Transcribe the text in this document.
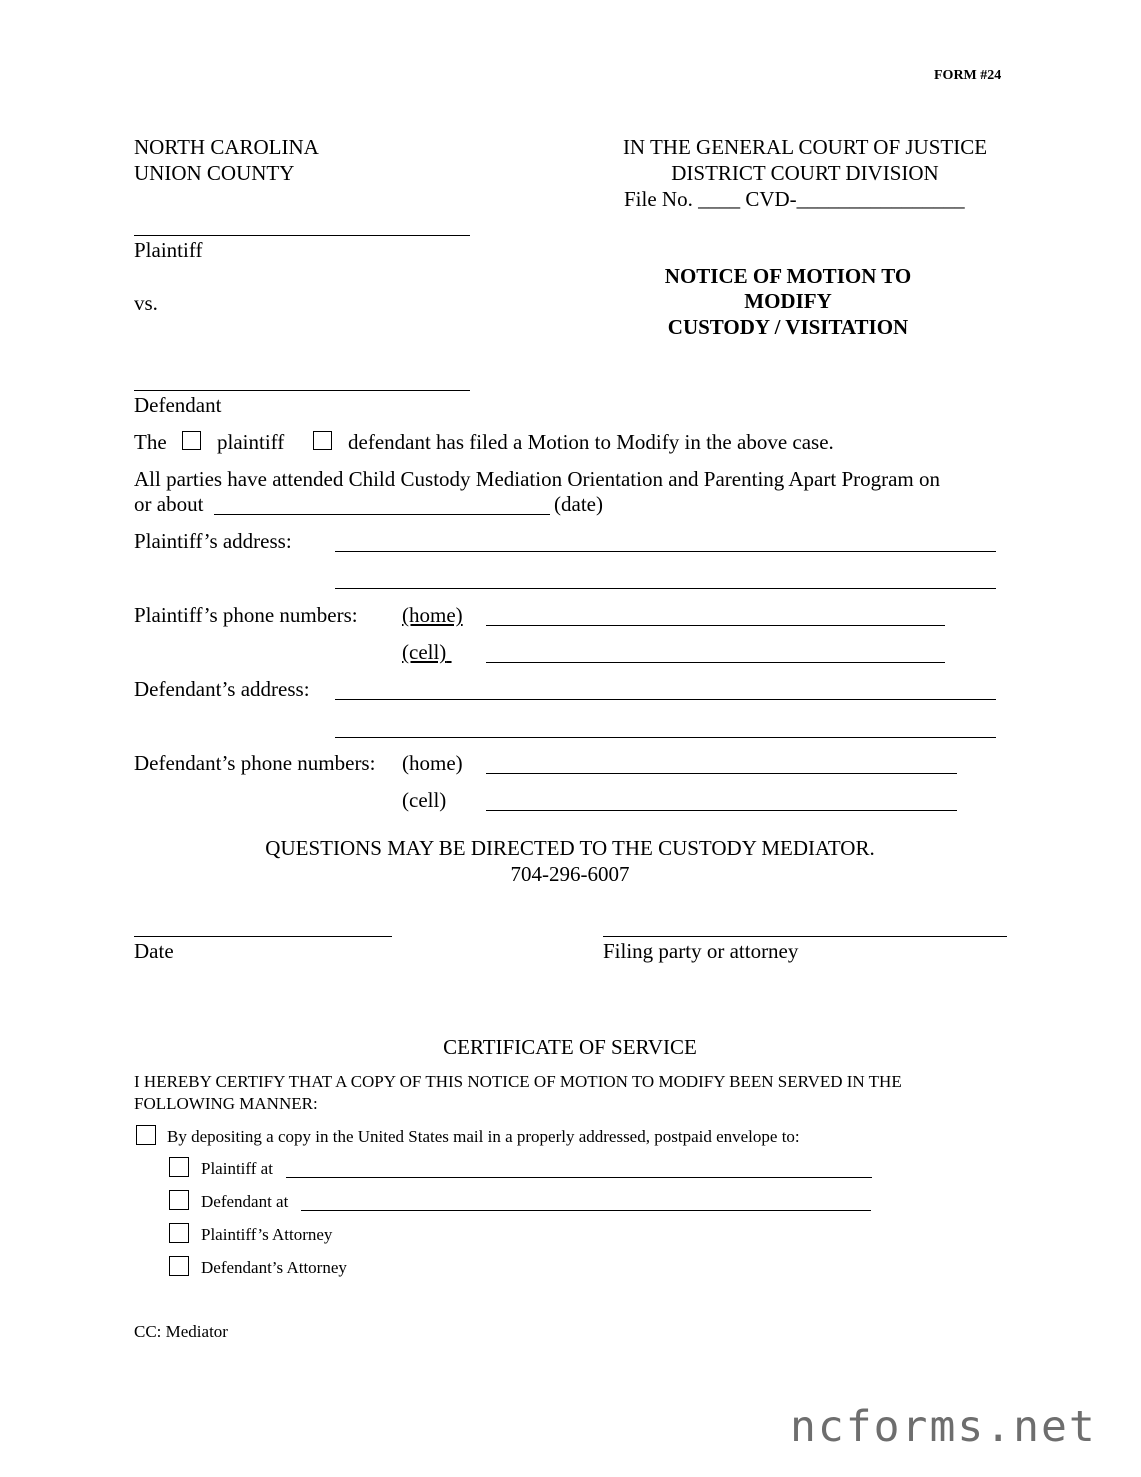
FORM #24
NORTH CAROLINA
UNION COUNTY
IN THE GENERAL COURT OF JUSTICE
DISTRICT COURT DIVISION
File No. ____ CVD-________________
Plaintiff
vs.
Defendant
NOTICE OF MOTION TO
MODIFY
CUSTODY / VISITATION
The plaintiff	defendant has filed a Motion to Modify in the above case.
All parties have attended Child Custody Mediation Orientation and Parenting Apart Program on
or about	(date)
Plaintiff’s address:
Plaintiff’s phone numbers: (home)
(cell)
Defendant’s address:
Defendant’s phone numbers: (home)
(cell)
QUESTIONS MAY BE DIRECTED TO THE CUSTODY MEDIATOR.
704-296-6007
Date	Filing party or attorney
CERTIFICATE OF SERVICE
I HEREBY CERTIFY THAT A COPY OF THIS NOTICE OF MOTION TO MODIFY BEEN SERVED IN THE
FOLLOWING MANNER:
By depositing a copy in the United States mail in a properly addressed, postpaid envelope to:
Plaintiff at
Defendant at
Plaintiff’s Attorney
Defendant’s Attorney
CC: Mediator
ncforms.net
